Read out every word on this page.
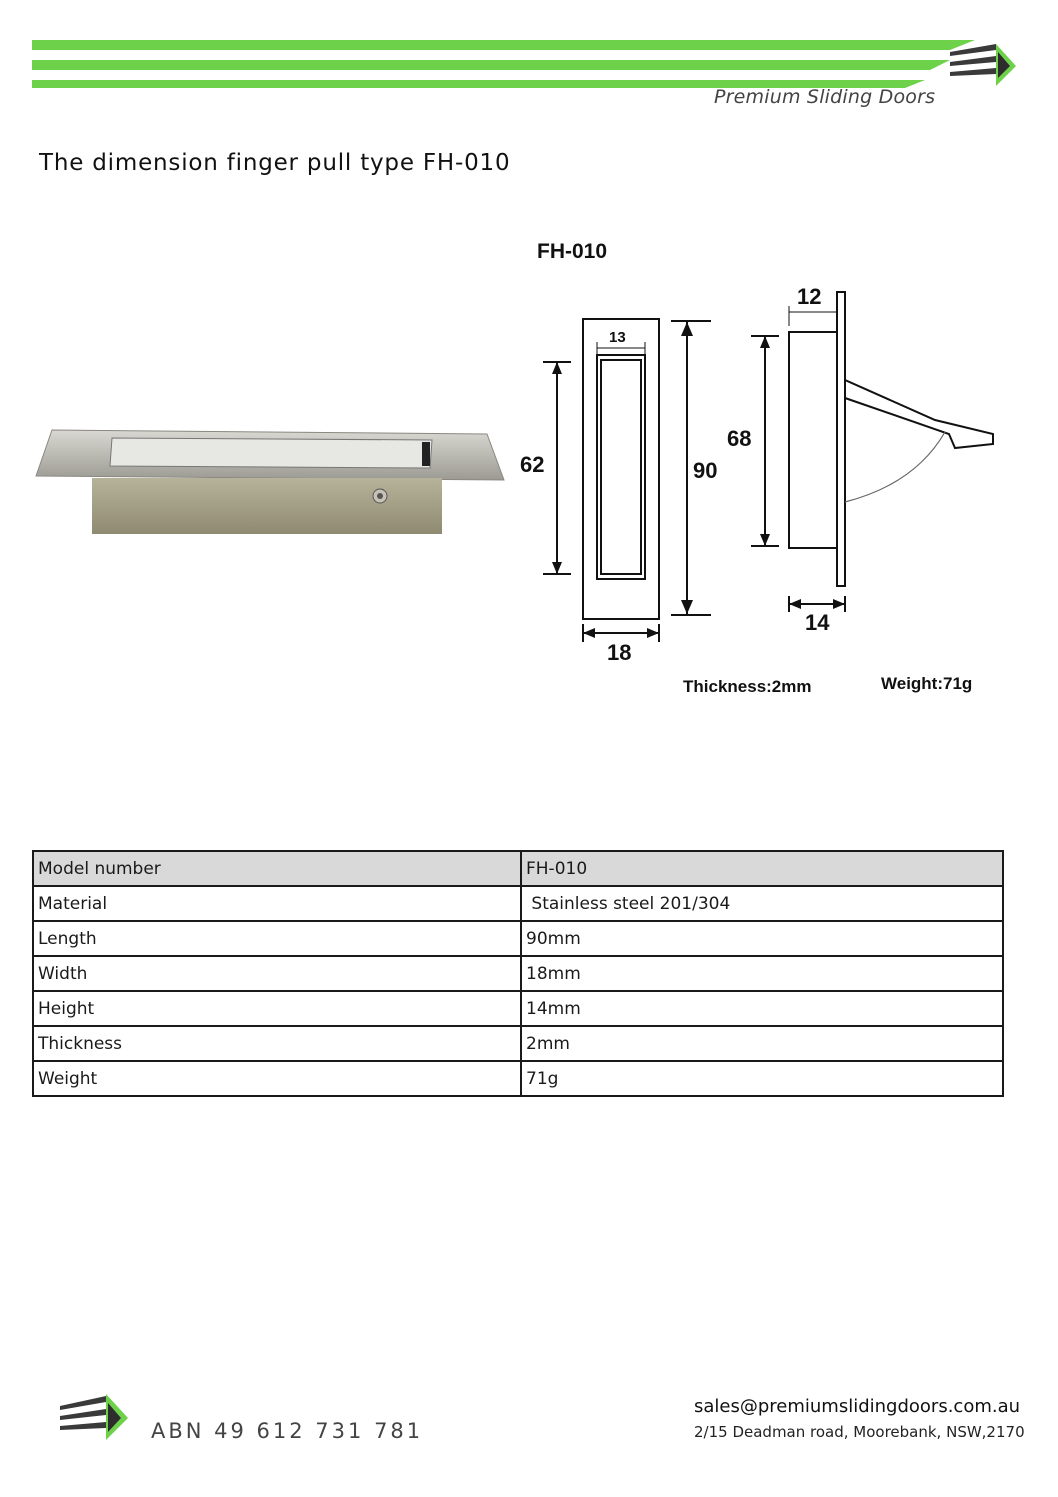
Premium Sliding Doors
The dimension finger pull type FH-010
FH-010
13
62	90
18
12
68
14
Thickness:2mm	Weight:71g
Model number	FH-010
Material	Stainless steel 201/304
Length	90mm
Width	18mm
Height	14mm
Thickness	2mm
Weight	71g
ABN 49 612 731 781
sales@premiumslidingdoors.com.au
2/15 Deadman road, Moorebank, NSW,2170
